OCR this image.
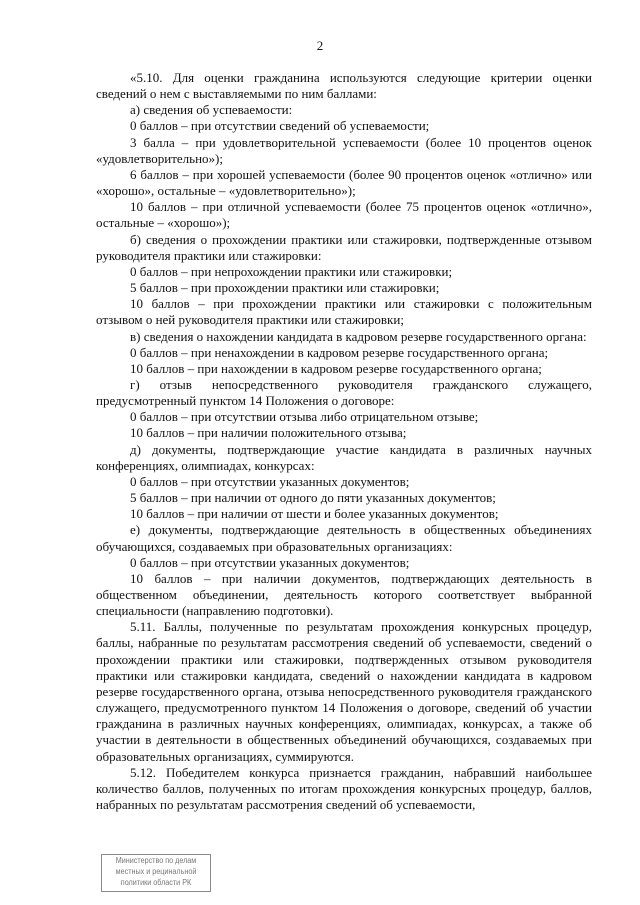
2

«5.10. Для оценки гражданина используются следующие критерии оценки сведений о нем с выставляемыми по ним баллами:

а) сведения об успеваемости:

0 баллов – при отсутствии сведений об успеваемости;

3 балла – при удовлетворительной успеваемости (более 10 процентов оценок «удовлетворительно»);

6 баллов – при хорошей успеваемости (более 90 процентов оценок «отлично» или «хорошо», остальные – «удовлетворительно»);

10 баллов – при отличной успеваемости (более 75 процентов оценок «отлично», остальные – «хорошо»);

б) сведения о прохождении практики или стажировки, подтвержденные отзывом руководителя практики или стажировки:

0 баллов – при непрохождении практики или стажировки;

5 баллов – при прохождении практики или стажировки;

10 баллов – при прохождении практики или стажировки с положительным отзывом о ней руководителя практики или стажировки;

в) сведения о нахождении кандидата в кадровом резерве государственного органа:

0 баллов – при ненахождении в кадровом резерве государственного органа;

10 баллов – при нахождении в кадровом резерве государственного органа;

г) отзыв непосредственного руководителя гражданского служащего, предусмотренный пунктом 14 Положения о договоре:

0 баллов – при отсутствии отзыва либо отрицательном отзыве;

10 баллов – при наличии положительного отзыва;

д) документы, подтверждающие участие кандидата в различных научных конференциях, олимпиадах, конкурсах:

0 баллов – при отсутствии указанных документов;

5 баллов – при наличии от одного до пяти указанных документов;

10 баллов – при наличии от шести и более указанных документов;

е) документы, подтверждающие деятельность в общественных объединениях обучающихся, создаваемых при образовательных организациях:

0 баллов – при отсутствии указанных документов;

10 баллов – при наличии документов, подтверждающих деятельность в общественном объединении, деятельность которого соответствует выбранной специальности (направлению подготовки).

5.11. Баллы, полученные по результатам прохождения конкурсных процедур, баллы, набранные по результатам рассмотрения сведений об успеваемости, сведений о прохождении практики или стажировки, подтвержденных отзывом руководителя практики или стажировки кандидата, сведений о нахождении кандидата в кадровом резерве государственного органа, отзыва непосредственного руководителя гражданского служащего, предусмотренного пунктом 14 Положения о договоре, сведений об участии гражданина в различных научных конференциях, олимпиадах, конкурсах, а также об участии в деятельности в общественных объединений обучающихся, создаваемых при образовательных организациях, суммируются.

5.12. Победителем конкурса признается гражданин, набравший наибольшее количество баллов, полученных по итогам прохождения конкурсных процедур, баллов, набранных по результатам рассмотрения сведений об успеваемости,

Министерство по делам
местных и рецинальной
политики области РК
